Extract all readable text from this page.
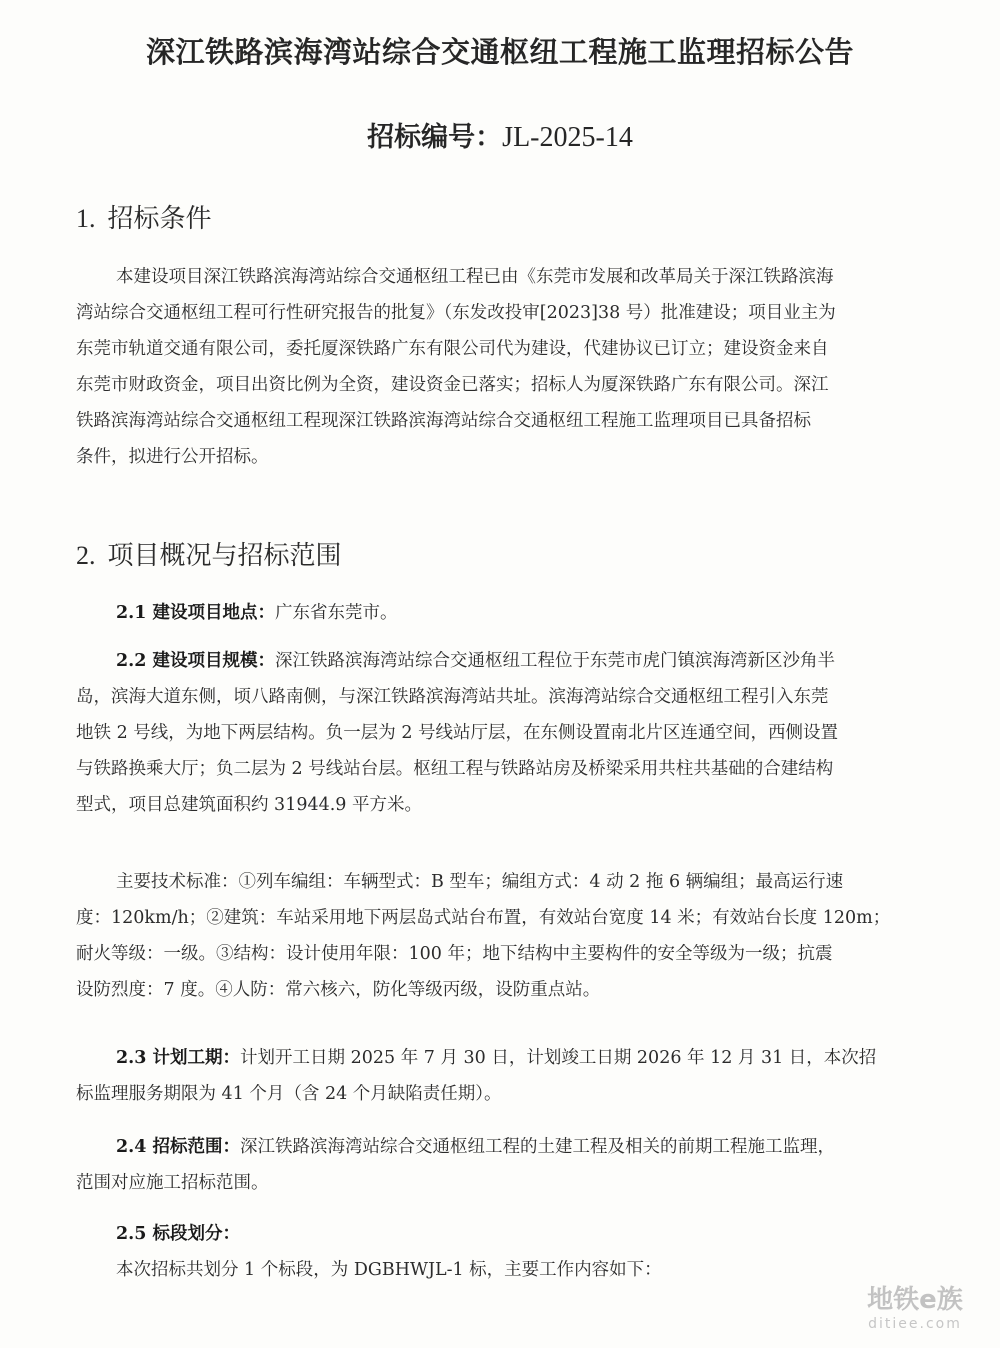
深江铁路滨海湾站综合交通枢纽工程施工监理招标公告
招标编号：JL-2025-14
1. 招标条件
本建设项目深江铁路滨海湾站综合交通枢纽工程已由《东莞市发展和改革局关于深江铁路滨海
湾站综合交通枢纽工程可行性研究报告的批复》（东发改投审[2023]38 号）批准建设；项目业主为
东莞市轨道交通有限公司，委托厦深铁路广东有限公司代为建设，代建协议已订立；建设资金来自
东莞市财政资金，项目出资比例为全资，建设资金已落实；招标人为厦深铁路广东有限公司。深江
铁路滨海湾站综合交通枢纽工程现深江铁路滨海湾站综合交通枢纽工程施工监理项目已具备招标
条件，拟进行公开招标。
2. 项目概况与招标范围
2.1 建设项目地点：广东省东莞市。
2.2 建设项目规模：深江铁路滨海湾站综合交通枢纽工程位于东莞市虎门镇滨海湾新区沙角半
岛，滨海大道东侧，顷八路南侧，与深江铁路滨海湾站共址。滨海湾站综合交通枢纽工程引入东莞
地铁 2 号线，为地下两层结构。负一层为 2 号线站厅层，在东侧设置南北片区连通空间，西侧设置
与铁路换乘大厅；负二层为 2 号线站台层。枢纽工程与铁路站房及桥梁采用共柱共基础的合建结构
型式，项目总建筑面积约 31944.9 平方米。
主要技术标准：①列车编组：车辆型式：B 型车；编组方式：4 动 2 拖 6 辆编组；最高运行速
度：120km/h；②建筑：车站采用地下两层岛式站台布置，有效站台宽度 14 米；有效站台长度 120m；
耐火等级：一级。③结构：设计使用年限：100 年；地下结构中主要构件的安全等级为一级；抗震
设防烈度：7 度。④人防：常六核六，防化等级丙级，设防重点站。
2.3 计划工期：计划开工日期 2025 年 7 月 30 日，计划竣工日期 2026 年 12 月 31 日，本次招
标监理服务期限为 41 个月（含 24 个月缺陷责任期）。
2.4 招标范围：深江铁路滨海湾站综合交通枢纽工程的土建工程及相关的前期工程施工监理，
范围对应施工招标范围。
2.5 标段划分：
本次招标共划分 1 个标段，为 DGBHWJL-1 标，主要工作内容如下：
地铁e族
ditiee.com
